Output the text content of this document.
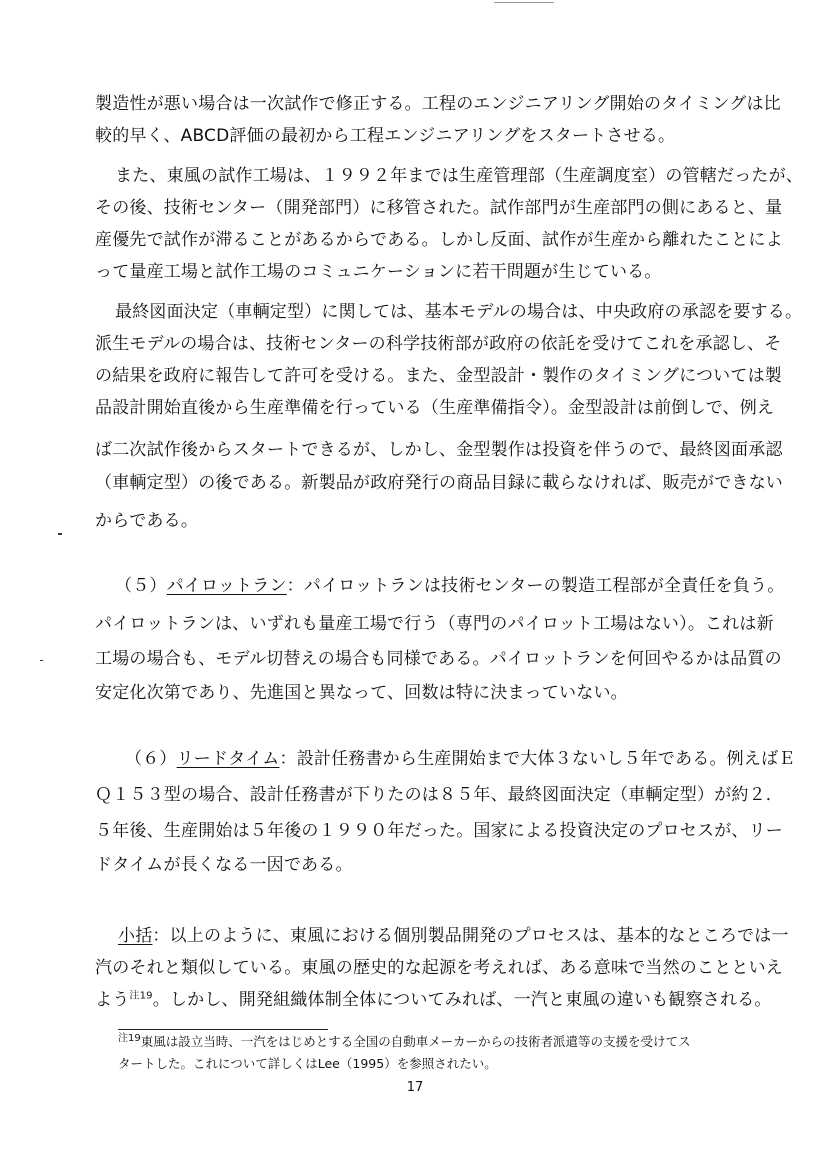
製造性が悪い場合は一次試作で修正する。工程のエンジニアリング開始のタイミングは比
較的早く、ABCD評価の最初から工程エンジニアリングをスタートさせる。
また、東風の試作工場は、１９９２年までは生産管理部（生産調度室）の管轄だったが、
その後、技術センター（開発部門）に移管された。試作部門が生産部門の側にあると、量
産優先で試作が滞ることがあるからである。しかし反面、試作が生産から離れたことによ
って量産工場と試作工場のコミュニケーションに若干問題が生じている。
最終図面決定（車輌定型）に関しては、基本モデルの場合は、中央政府の承認を要する。
派生モデルの場合は、技術センターの科学技術部が政府の依託を受けてこれを承認し、そ
の結果を政府に報告して許可を受ける。また、金型設計・製作のタイミングについては製
品設計開始直後から生産準備を行っている（生産準備指令）。金型設計は前倒しで、例え
ば二次試作後からスタートできるが、しかし、金型製作は投資を伴うので、最終図面承認
（車輌定型）の後である。新製品が政府発行の商品目録に載らなければ、販売ができない
からである。
（５）パイロットラン：パイロットランは技術センターの製造工程部が全責任を負う。
パイロットランは、いずれも量産工場で行う（専門のパイロット工場はない）。これは新
工場の場合も、モデル切替えの場合も同様である。パイロットランを何回やるかは品質の
安定化次第であり、先進国と異なって、回数は特に決まっていない。
（６）リードタイム：設計任務書から生産開始まで大体３ないし５年である。例えばＥ
Ｑ１５３型の場合、設計任務書が下りたのは８５年、最終図面決定（車輌定型）が約２．
５年後、生産開始は５年後の１９９０年だった。国家による投資決定のプロセスが、リー
ドタイムが長くなる一因である。
小括：以上のように、東風における個別製品開発のプロセスは、基本的なところでは一
汽のそれと類似している。東風の歴史的な起源を考えれば、ある意味で当然のことといえ
よう$^{注19}$。しかし、開発組織体制全体についてみれば、一汽と東風の違いも観察される。
$^{注19}$東風は設立当時、一汽をはじめとする全国の自動車メーカーからの技術者派遣等の支援を受けてス
タートした。これについて詳しくはLee（1995）を参照されたい。
17
